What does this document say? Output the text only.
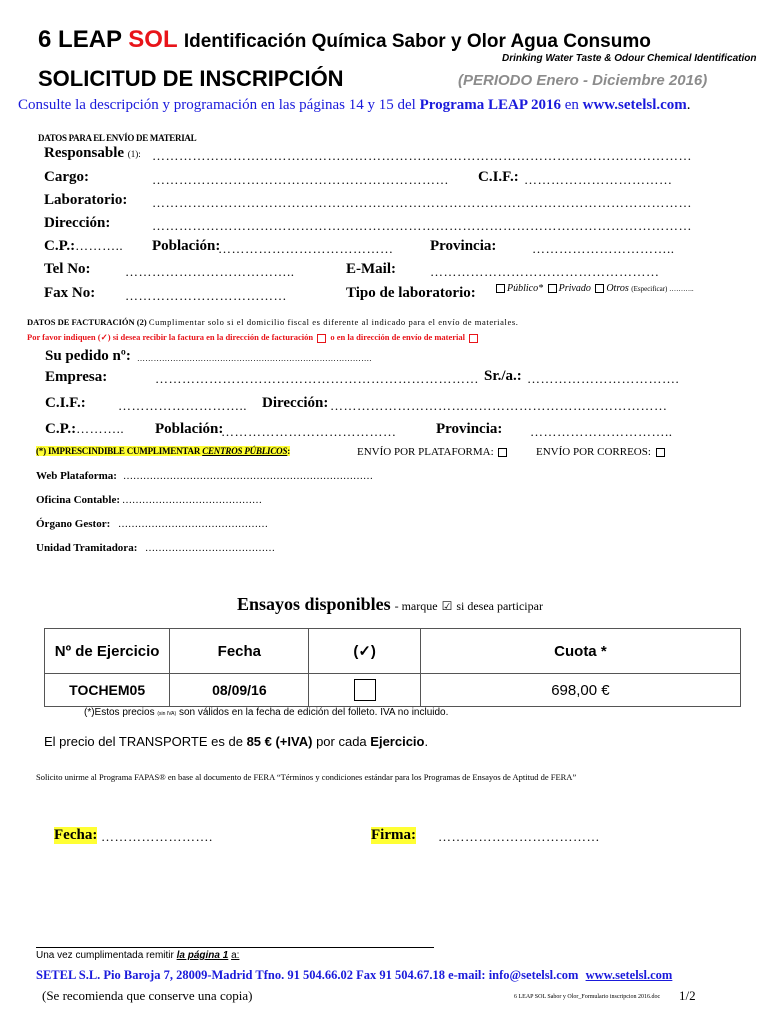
6 LEAP SOL Identificación Química Sabor y Olor Agua Consumo
Drinking Water Taste & Odour Chemical Identification
SOLICITUD DE INSCRIPCIÓN	(PERIODO Enero - Diciembre 2016)
Consulte la descripción y programación en las páginas 14 y 15 del Programa LEAP 2016 en www.setelsl.com.
DATOS PARA EL ENVÍO DE MATERIAL
Responsable (1): …………………………………………………………………………………………………………
Cargo:	………………………………………………………… C.I.F.: ……………………………
Laboratorio: …………………………………………………………………………………………………………
Dirección:	…………………………………………………………………………………………………………
C.P.:……….. Población:
………………………………… Provincia:	…………………………..
Tel No:	………………………………..	E-Mail:	……………………………………………
Fax No: ………………………………	Tipo de laboratorio:	Público* Privado Otros (Especificar) ………..
DATOS DE FACTURACIÓN (2) Cumplimentar solo si el domicilio fiscal es diferente al indicado para el envío de materiales.
Por favor indiquen (✓) si desea recibir la factura en la dirección de facturación o en la dirección de envío de material
Su pedido nº: ………………………………………………………………………….
Empresa:	……………………………………………………………… Sr./a.: …………………………….
C.I.F.: ……………………….. Dirección: …………………………………………………………………
C.P.:……….. Población:
…………………………………	Provincia: …………………………..
(*) IMPRESCINDIBLE CUMPLIMENTAR CENTROS PÚBLICOS:	ENVÍO POR PLATAFORMA:	ENVÍO POR CORREOS:
Web Plataforma: …………………………………………………………………
Oficina Contable: ……………………………………
Órgano Gestor: ………………………………………
Unidad Tramitadora: …………………………………
Ensayos disponibles - marque ☑ si desea participar
Nº de Ejercicio	Fecha	(✓)	Cuota *
TOCHEM05	08/09/16		698,00 €
(*)Estos precios (sin IVA) son válidos en la fecha de edición del folleto. IVA no incluido.
El precio del TRANSPORTE es de 85 € (+IVA) por cada Ejercicio.
Solicito unirme al Programa FAPAS® en base al documento de FERA “Términos y condiciones estándar para los Programas de Ensayos de Aptitud de FERA”
Fecha: …………………….	Firma: ………………………………
Una vez cumplimentada remitir la página 1 a:
SETEL S.L. Pio Baroja 7, 28009-Madrid Tfno. 91 504.66.02 Fax 91 504.67.18 e-mail: info@setelsl.com www.setelsl.com
(Se recomienda que conserve una copia)	6 LEAP SOL Sabor y Olor_Formulario inscripcion 2016.doc 1/2
